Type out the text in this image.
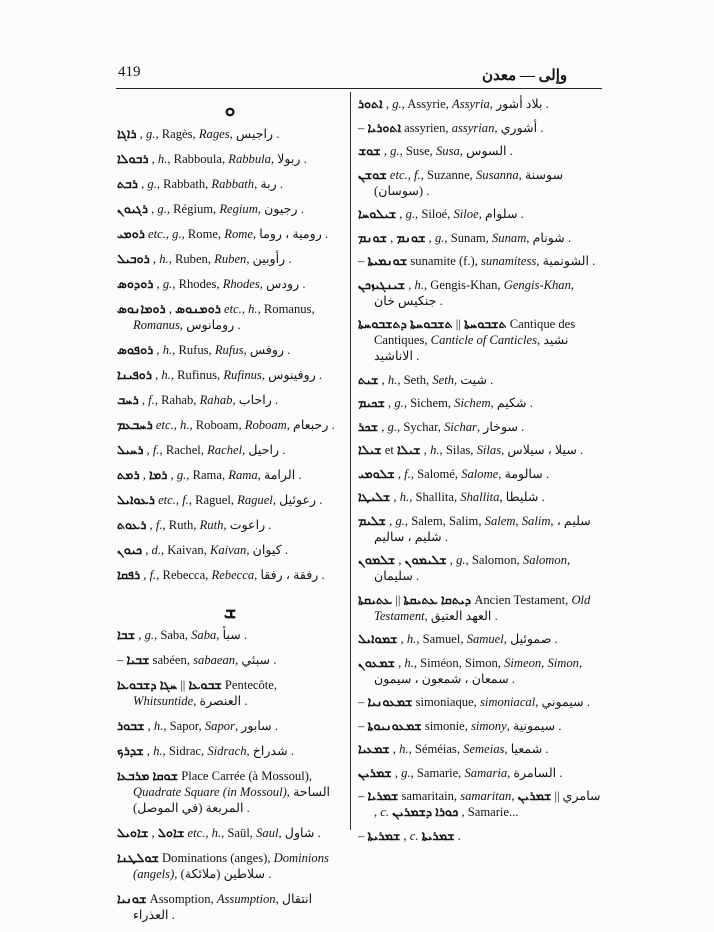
419	وإلى — معدن
ܘ
ܪܐܓܐ , g., Ragès, Rages, راجيس .
ܪܒܘܠܐ , h., Rabboula, Rabbula, ربولا .
ܪܒܬ , g., Rabbath, Rabbath, ربة .
ܪܓܝܘܢ , g., Régium, Regium, رجيون .
ܪܘܡܝ etc., g., Rome, Rome, رومية ، روما .
ܪܘܒܝܠ , h., Ruben, Ruben, رأوبين .
ܪܘܕܘܣ , g., Rhodes, Rhodes, رودس .
ܪܘܡܢܘܣ , ܪܘܡܐܢܘܣ	etc., h., Romanus, Romanus, رومانوس .
ܪܘܦܘܣ , h., Rufus, Rufus, روفس .
ܪܘܦܝܢܐ , h., Rufinus, Rufinus, روفينوس .
ܪܚܒ , f., Rahab, Rahab, راحاب .
ܪܚܒܥܡ etc., h., Roboam, Roboam, رحبعام .
ܪܚܝܠ , f., Rachel, Rachel, راحيل .
ܪܡܐ , ܪܡܬ , g., Rama, Rama, الرامة .
ܪܥܘܐܝܠ etc., f., Raguel, Raguel, رعوئيل .
ܪܥܘܬ , f., Ruth, Ruth, راعوت .
ܟܝܘܢ , d., Kaivan, Kaivan, كيوان .
ܪܦܩܐ , f., Rebecca, Rebecca, رفقة ، رفقا .
ܫ
ܫܒܐ , g., Saba, Saba, سبأ .
– ܫܒܝܐ sabéen, sabaean, سبئي .
ܫܒܘܥܐ || ܚܓܐ ܕܫܒܘܥܐ	Pentecôte, Whitsuntide, العنصرة .
ܫܒܘܪ , h., Sapor, Sapor, سابور .
ܫܕܪܟ , h., Sidrac, Sidrach, شدراخ .
ܫܘܩܐ ܡܪܒܥܐ Place Carrée (à Mossoul), Quadrate Square (in Mossoul), الساحة المربعة (في الموصل) .
ܫܐܘܠ , ܫܐܘܝܠ	etc., h., Saül, Saul, شاول .
ܫܘܠܛܢܐ Dominations (anges), Dominions (angels), سلاطين (ملائكة) .
ܫܘܢܝܐ Assomption, Assumption, انتقال العذراء .
ܐܬܘܪ , g., Assyrie, Assyria, بلاد أشور .
– ܐܬܘܪܝܐ assyrien, assyrian, أشوري .
ܫܘܫ , g., Suse, Susa, السوس .
ܫܘܫܢ etc., f., Suzanne, Susanna, سوسنة (سوسان) .
ܫܝܠܘܚܐ , g., Siloé, Siloe, سلوام .
ܫܘܢܡ , ܫܘܢܡ	, g., Sunam, Sunam, شونام .
– ܫܘܢܡܝܬܐ sunamite (f.), sunamitess, الشونمية .
ܫܝܢܓܝܙܟܢ , h., Gengis-Khan, Gengis-Khan, جنكيس خان .
ܬܫܒܘܚܬܐ || ܬܫܒܘܚܬܐ ܕܬܫܒܘܚܬܐ	Cantique des Cantiques, Canticle of Canticles, نشيد الاناشيد .
ܫܝܬ , h., Seth, Seth, شيت .
ܫܟܝܡ , g., Sichem, Sichem, شكيم .
ܫܟܪ , g., Sychar, Sichar, سوخار .
ܫܝܠܐ et ܫܝܠܐ , h., Silas, Silas, سيلا ، سيلاس .
ܫܠܘܡܝ , f., Salomé, Salome, سالومة .
ܫܠܝܛܐ , h., Shallita, Shallita, شليطا .
ܫܠܝܡ , g., Salem, Salim, Salem, Salim, سليم ، شليم ، ساليم .
ܫܠܝܡܘܢ , ܫܠܡܘܢ	, g., Salomon, Salomon, سليمان .
ܕܝܬܩܐ ܥܬܝܩܬܐ || ܥܬܝܩܬܐ	Ancien Testament, Old Testament, العهد العتيق .
ܫܡܘܐܝܠ , h., Samuel, Samuel, صموئيل .
ܫܡܥܘܢ , h., Siméon, Simon, Simeon, Simon, سمعان ، شمعون ، سيمون .
– ܫܡܥܘܢܝܐ simoniaque, simoniacal, سيموني .
– ܫܡܥܘܢܝܘܬܐ simonie, simony, سيمونية .
ܫܡܥܝܐ , h., Séméias, Semeias, شمعيا .
ܫܡܪܝܢ , g., Samarie, Samaria, السامرة .
– ܫܡܪܝܐ samaritain, samaritan, سامري || ܫܡܪܝܢ	, c. ܟܘܪܐ ܕܫܡܪܝܢ , Samarie...
– ܫܡܪܝܬܐ , c. ܫܡܪܝܬܐ .
